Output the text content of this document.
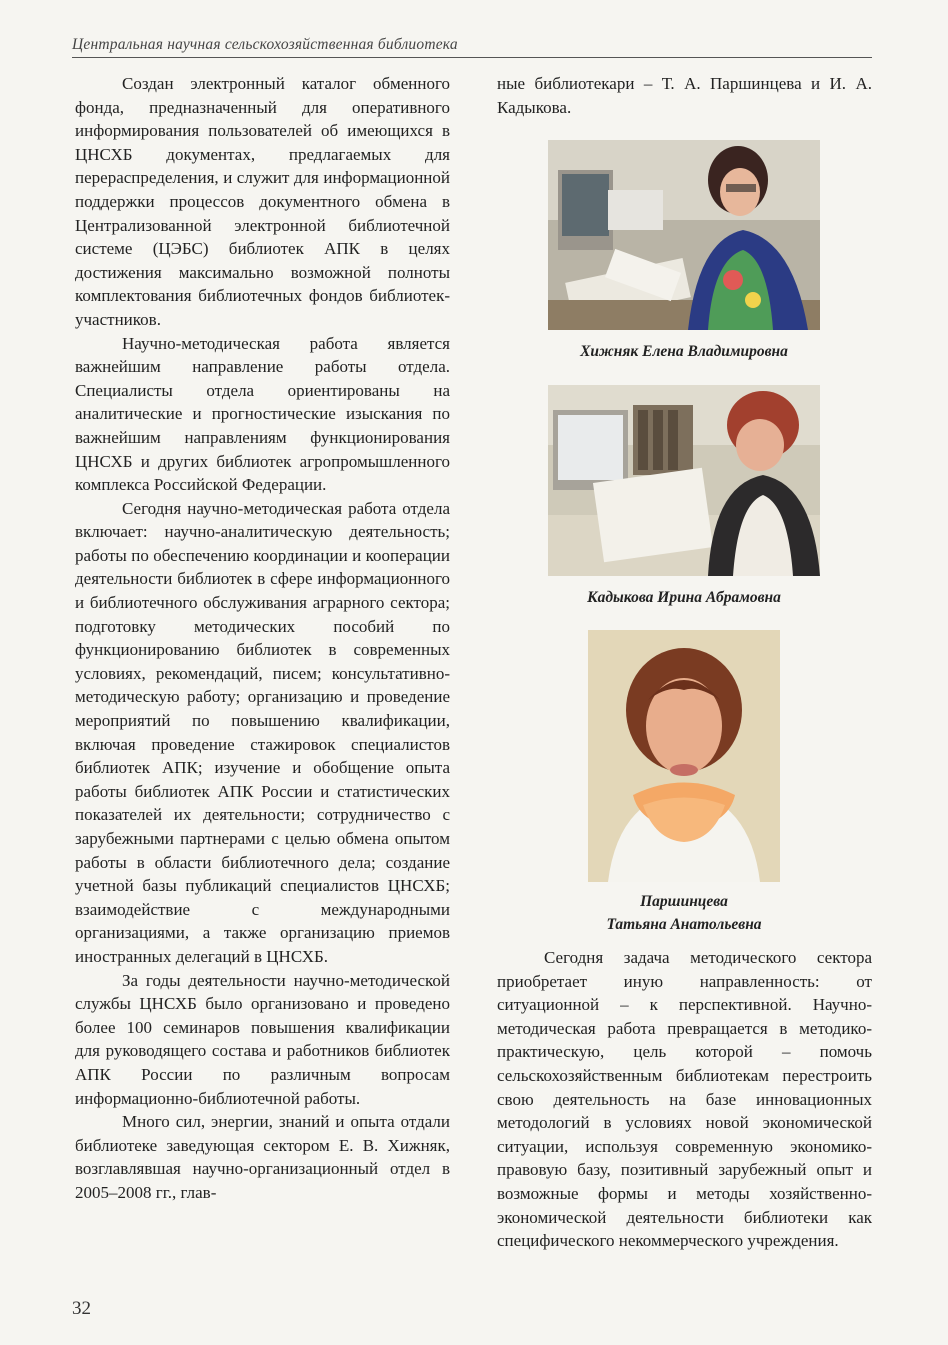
Центральная научная сельскохозяйственная библиотека

Создан электронный каталог обменного фонда, предназначенный для оперативного информирования пользователей об имеющихся в ЦНСХБ документах, предлагаемых для перераспределения, и служит для информационной поддержки процессов документного обмена в Централизованной электронной библиотечной системе (ЦЭБС) библиотек АПК в целях достижения максимально возможной полноты комплектования библиотечных фондов библиотек-участников.

Научно-методическая работа является важнейшим направление работы отдела. Специалисты отдела ориентированы на аналитические и прогностические изыскания по важнейшим направлениям функционирования ЦНСХБ и других библиотек агропромышленного комплекса Российской Федерации.

Сегодня научно-методическая работа отдела включает: научно-аналитическую деятельность; работы по обеспечению координации и кооперации деятельности библиотек в сфере информационного и библиотечного обслуживания аграрного сектора; подготовку методических пособий по функционированию библиотек в современных условиях, рекомендаций, писем; консультативно-методическую работу; организацию и проведение мероприятий по повышению квалификации, включая проведение стажировок специалистов библиотек АПК; изучение и обобщение опыта работы библиотек АПК России и статистических показателей их деятельности; сотрудничество с зарубежными партнерами с целью обмена опытом работы в области библиотечного дела; создание учетной базы публикаций специалистов ЦНСХБ; взаимодействие с международными организациями, а также организацию приемов иностранных делегаций в ЦНСХБ.

За годы деятельности научно-методической службы ЦНСХБ было организовано и проведено более 100 семинаров повышения квалификации для руководящего состава и работников библиотек АПК России по различным вопросам информационно-библиотечной работы.

Много сил, энергии, знаний и опыта отдали библиотеке заведующая сектором Е. В. Хижняк, возглавлявшая научно-организационный отдел в 2005–2008 гг., глав-

ные библиотекари – Т. А. Паршинцева и И. А. Кадыкова.

Хижняк Елена Владимировна
Кадыкова Ирина Абрамовна
Паршинцева
Татьяна Анатольевна

Сегодня задача методического сектора приобретает иную направленность: от ситуационной – к перспективной. Научно-методическая работа превращается в методико-практическую, цель которой – помочь сельскохозяйственным библиотекам перестроить свою деятельность на базе инновационных методологий в условиях новой экономической ситуации, используя современную экономико-правовую базу, позитивный зарубежный опыт и возможные формы и методы хозяйственно-экономической деятельности библиотеки как специфического некоммерческого учреждения.

32
